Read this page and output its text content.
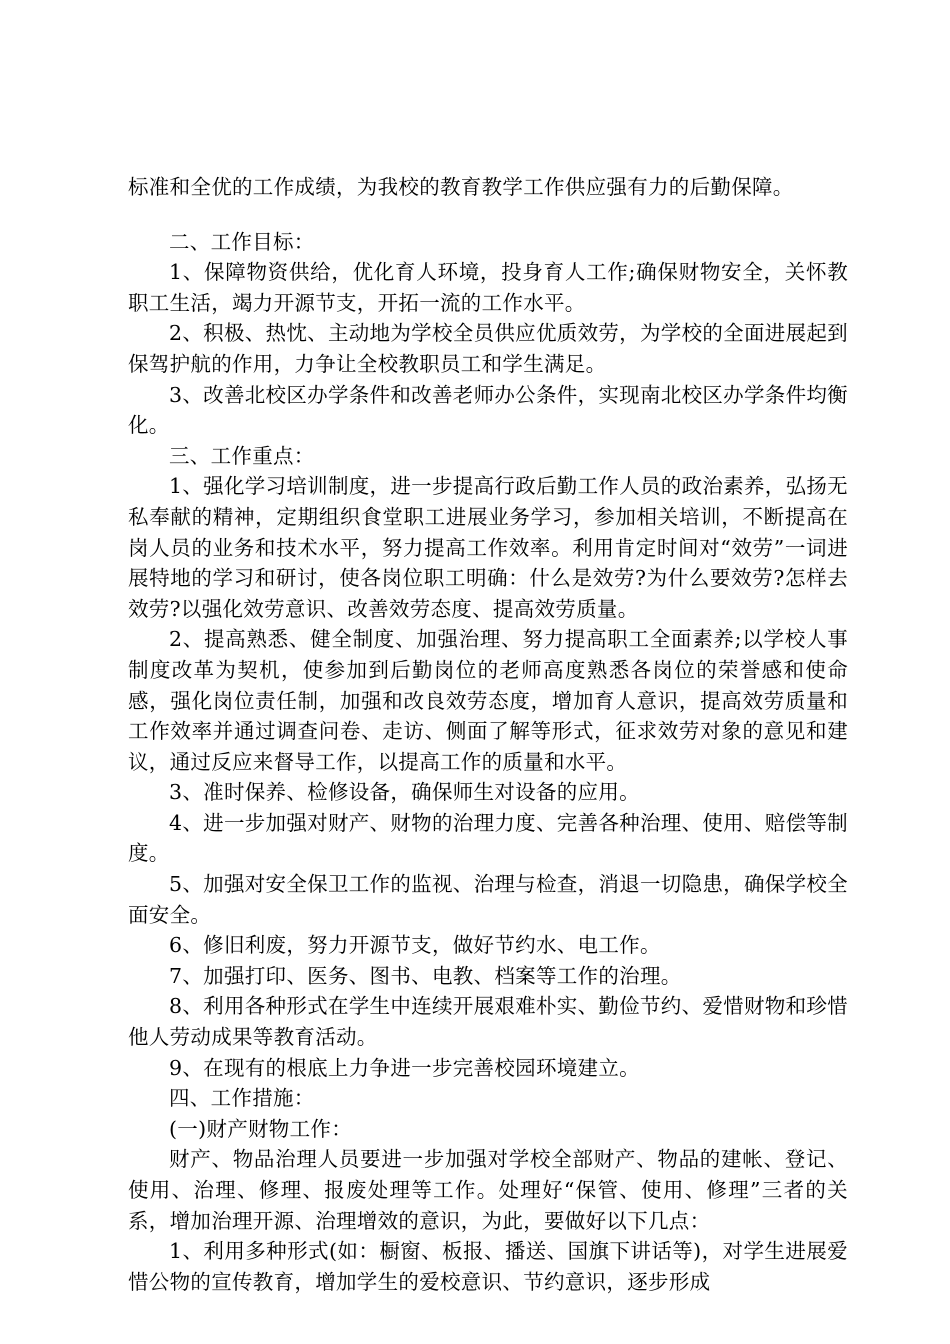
标准和全优的工作成绩，为我校的教育教学工作供应强有力的后勤保障。

二、工作目标：

1、保障物资供给，优化育人环境，投身育人工作;确保财物安全，关怀教职工生活，竭力开源节支，开拓一流的工作水平。

2、积极、热忱、主动地为学校全员供应优质效劳，为学校的全面进展起到保驾护航的作用，力争让全校教职员工和学生满足。

3、改善北校区办学条件和改善老师办公条件，实现南北校区办学条件均衡化。

三、工作重点：

1、强化学习培训制度，进一步提高行政后勤工作人员的政治素养，弘扬无私奉献的精神，定期组织食堂职工进展业务学习，参加相关培训，不断提高在岗人员的业务和技术水平，努力提高工作效率。利用肯定时间对“效劳”一词进展特地的学习和研讨，使各岗位职工明确：什么是效劳?为什么要效劳?怎样去效劳?以强化效劳意识、改善效劳态度、提高效劳质量。

2、提高熟悉、健全制度、加强治理、努力提高职工全面素养;以学校人事制度改革为契机，使参加到后勤岗位的老师高度熟悉各岗位的荣誉感和使命感，强化岗位责任制，加强和改良效劳态度，增加育人意识，提高效劳质量和工作效率并通过调查问卷、走访、侧面了解等形式，征求效劳对象的意见和建议，通过反应来督导工作，以提高工作的质量和水平。

3、准时保养、检修设备，确保师生对设备的应用。

4、进一步加强对财产、财物的治理力度、完善各种治理、使用、赔偿等制度。

5、加强对安全保卫工作的监视、治理与检查，消退一切隐患，确保学校全面安全。

6、修旧利废，努力开源节支，做好节约水、电工作。

7、加强打印、医务、图书、电教、档案等工作的治理。

8、利用各种形式在学生中连续开展艰难朴实、勤俭节约、爱惜财物和珍惜他人劳动成果等教育活动。

9、在现有的根底上力争进一步完善校园环境建立。

四、工作措施：

(一)财产财物工作：

财产、物品治理人员要进一步加强对学校全部财产、物品的建帐、登记、使用、治理、修理、报废处理等工作。处理好“保管、使用、修理”三者的关系，增加治理开源、治理增效的意识，为此，要做好以下几点：

1、利用多种形式(如：橱窗、板报、播送、国旗下讲话等)，对学生进展爱惜公物的宣传教育，增加学生的爱校意识、节约意识，逐步形成
